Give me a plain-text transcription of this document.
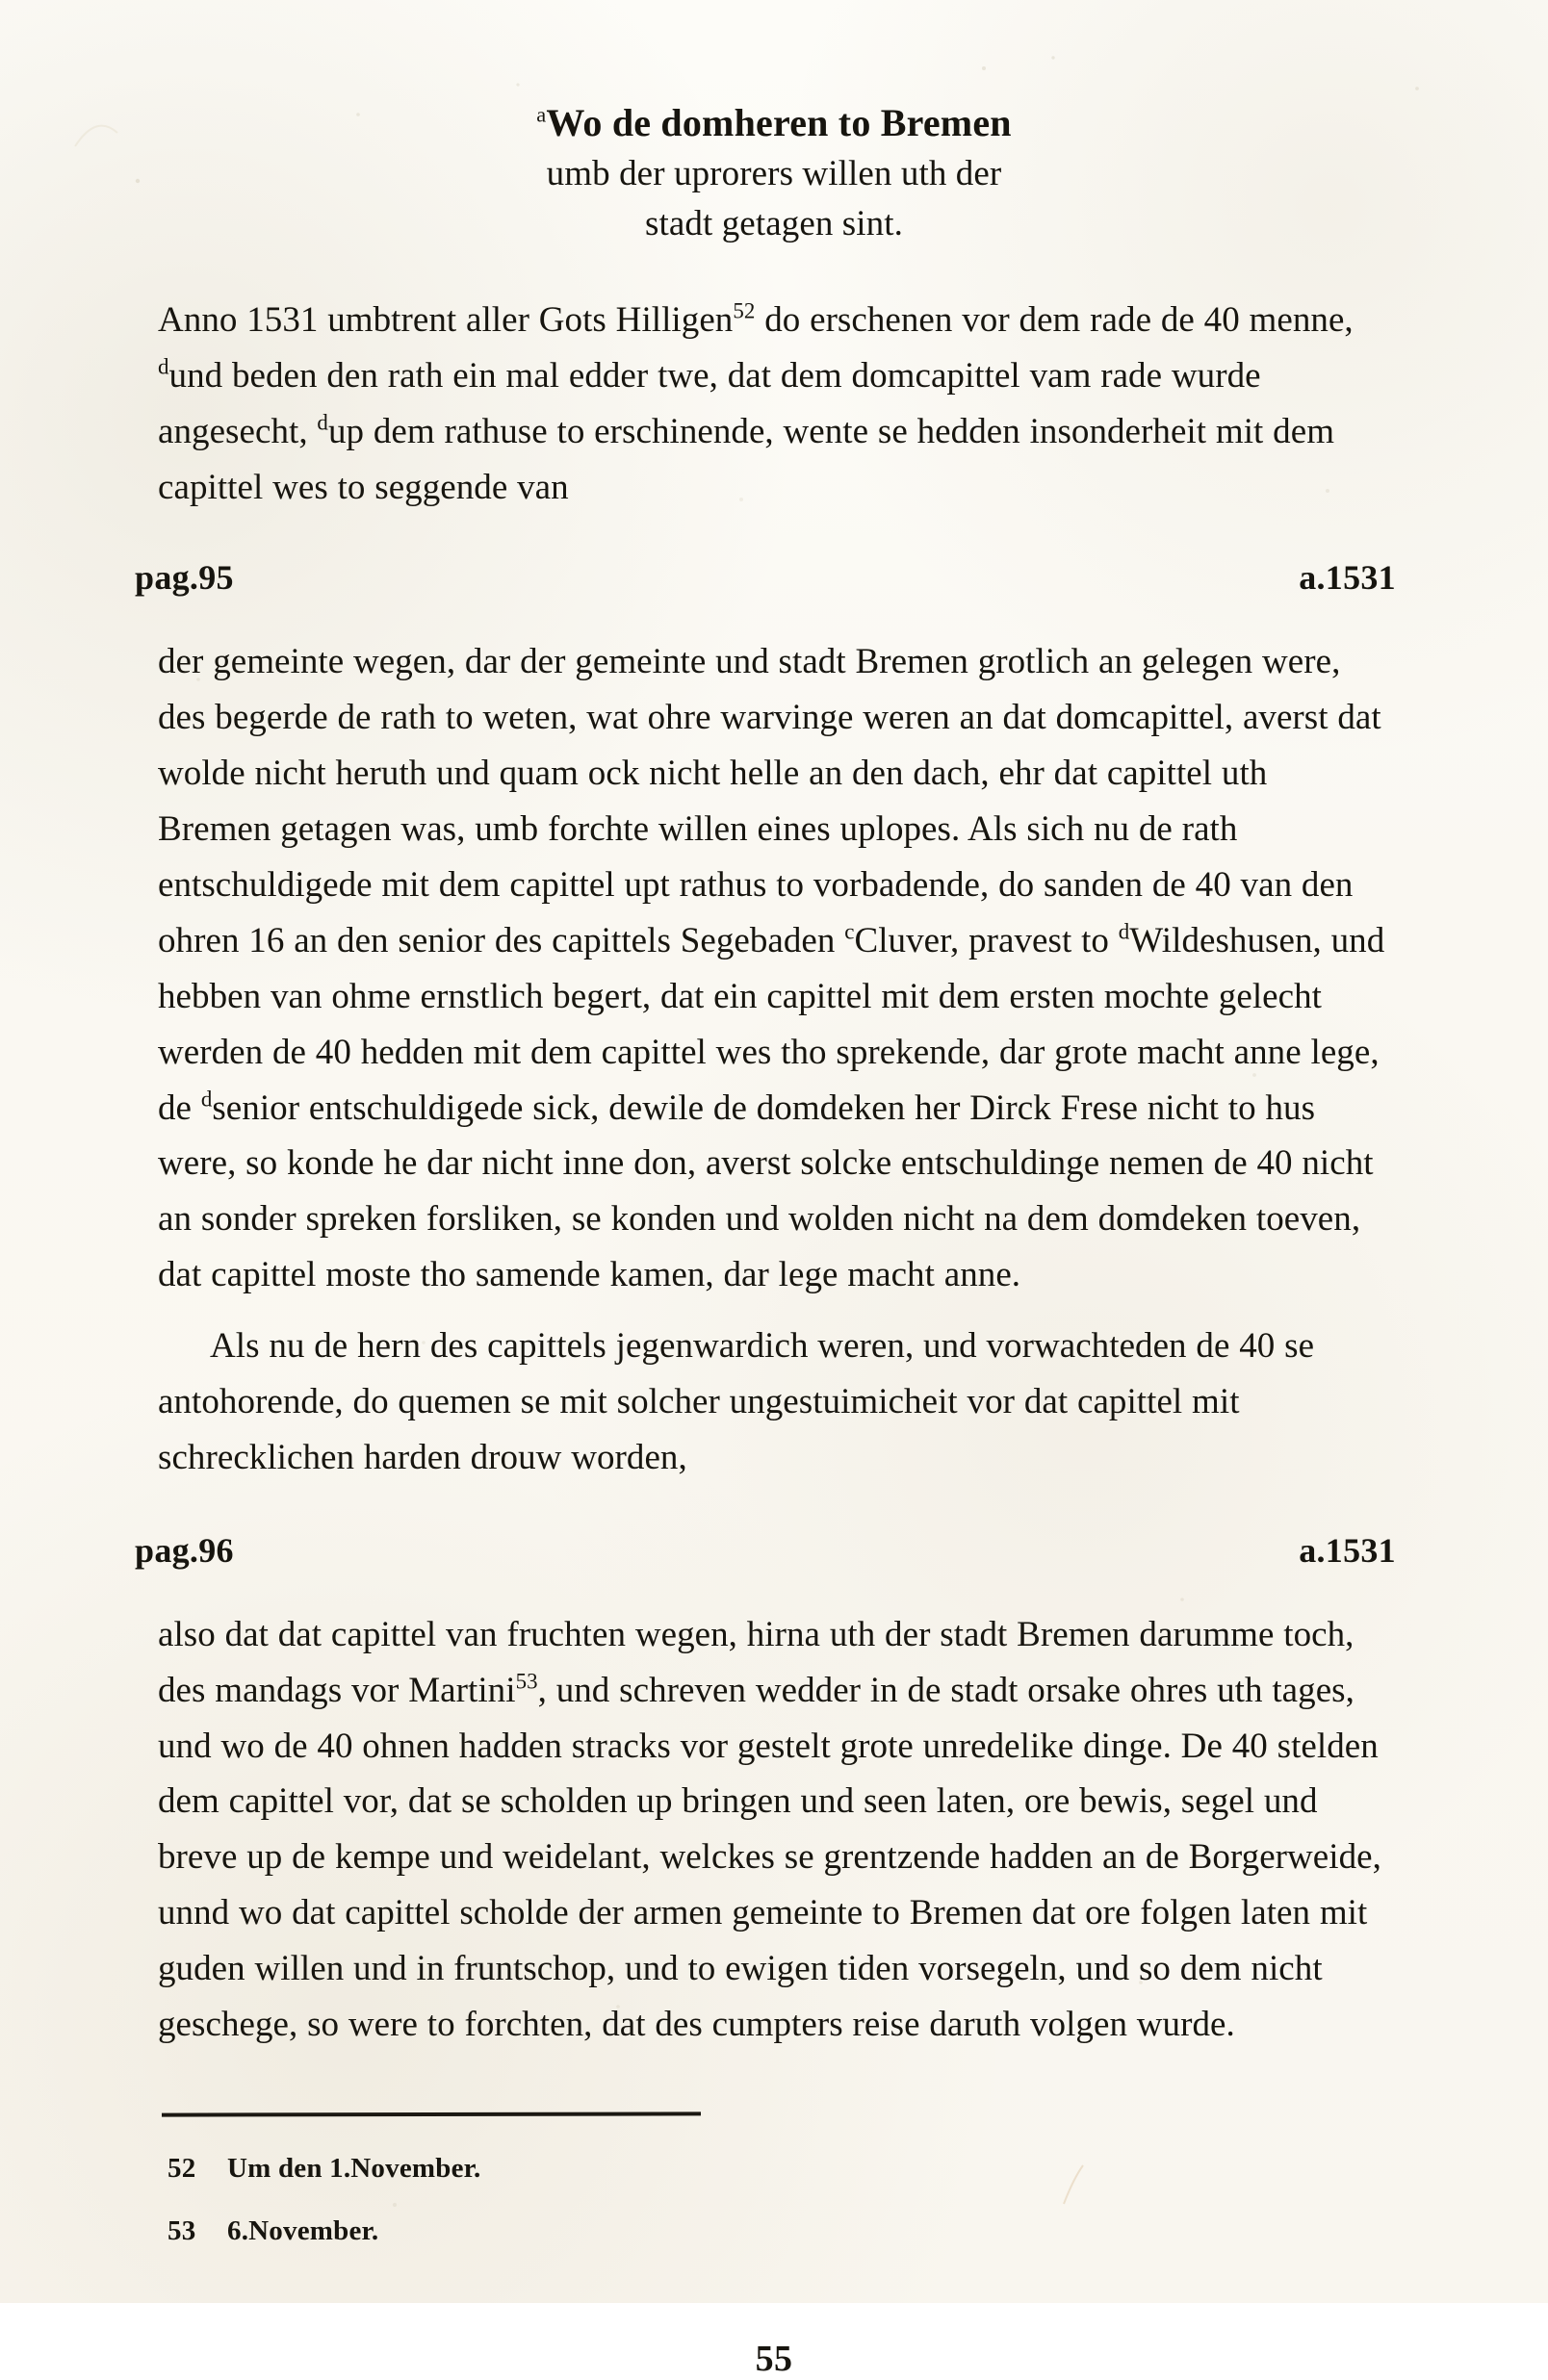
$^a$Wo de domheren to Bremen
umb der uprorers willen uth der
stadt getagen sint.

Anno 1531 umbtrent aller Gots Hilligen$^{52}$ do erschenen vor dem rade de 40 menne, $^d$und beden den rath ein mal edder twe, dat dem domcapittel vam rade wurde angesecht, $^d$up dem rathuse to erschinende, wente se hedden insonderheit mit dem capittel wes to seggende van

pag.95	a.1531

der gemeinte wegen, dar der gemeinte und stadt Bremen grotlich an gelegen were, des begerde de rath to weten, wat ohre warvinge weren an dat domcapittel, averst dat wolde nicht heruth und quam ock nicht helle an den dach, ehr dat capittel uth Bremen getagen was, umb forchte willen eines uplopes. Als sich nu de rath entschuldigede mit dem capittel upt rathus to vorbadende, do sanden de 40 van den ohren 16 an den senior des capittels Segebaden $^c$Cluver, pravest to $^d$Wildeshusen, und hebben van ohme ernstlich begert, dat ein capittel mit dem ersten mochte gelecht werden de 40 hedden mit dem capittel wes tho sprekende, dar grote macht anne lege, de $^d$senior entschuldigede sick, dewile de domdeken her Dirck Frese nicht to hus were, so konde he dar nicht inne don, averst solcke entschuldinge nemen de 40 nicht an sonder spreken forsliken, se konden und wolden nicht na dem domdeken toeven, dat capittel moste tho samende kamen, dar lege macht anne.

Als nu de hern des capittels jegenwardich weren, und vorwachteden de 40 se antohorende, do quemen se mit solcher ungestuimicheit vor dat capittel mit schrecklichen harden drouw worden,

pag.96	a.1531

also dat dat capittel van fruchten wegen, hirna uth der stadt Bremen darumme toch, des mandags vor Martini$^{53}$, und schreven wedder in de stadt orsake ohres uth tages, und wo de 40 ohnen hadden stracks vor gestelt grote unredelike dinge. De 40 stelden dem capittel vor, dat se scholden up bringen und seen laten, ore bewis, segel und breve up de kempe und weidelant, welckes se grentzende hadden an de Borgerweide, unnd wo dat capittel scholde der armen gemeinte to Bremen dat ore folgen laten mit guden willen und in fruntschop, und to ewigen tiden vorsegeln, und so dem nicht geschege, so were to forchten, dat des cumpters reise daruth volgen wurde.

52	Um den 1.November.
53	6.November.
55
